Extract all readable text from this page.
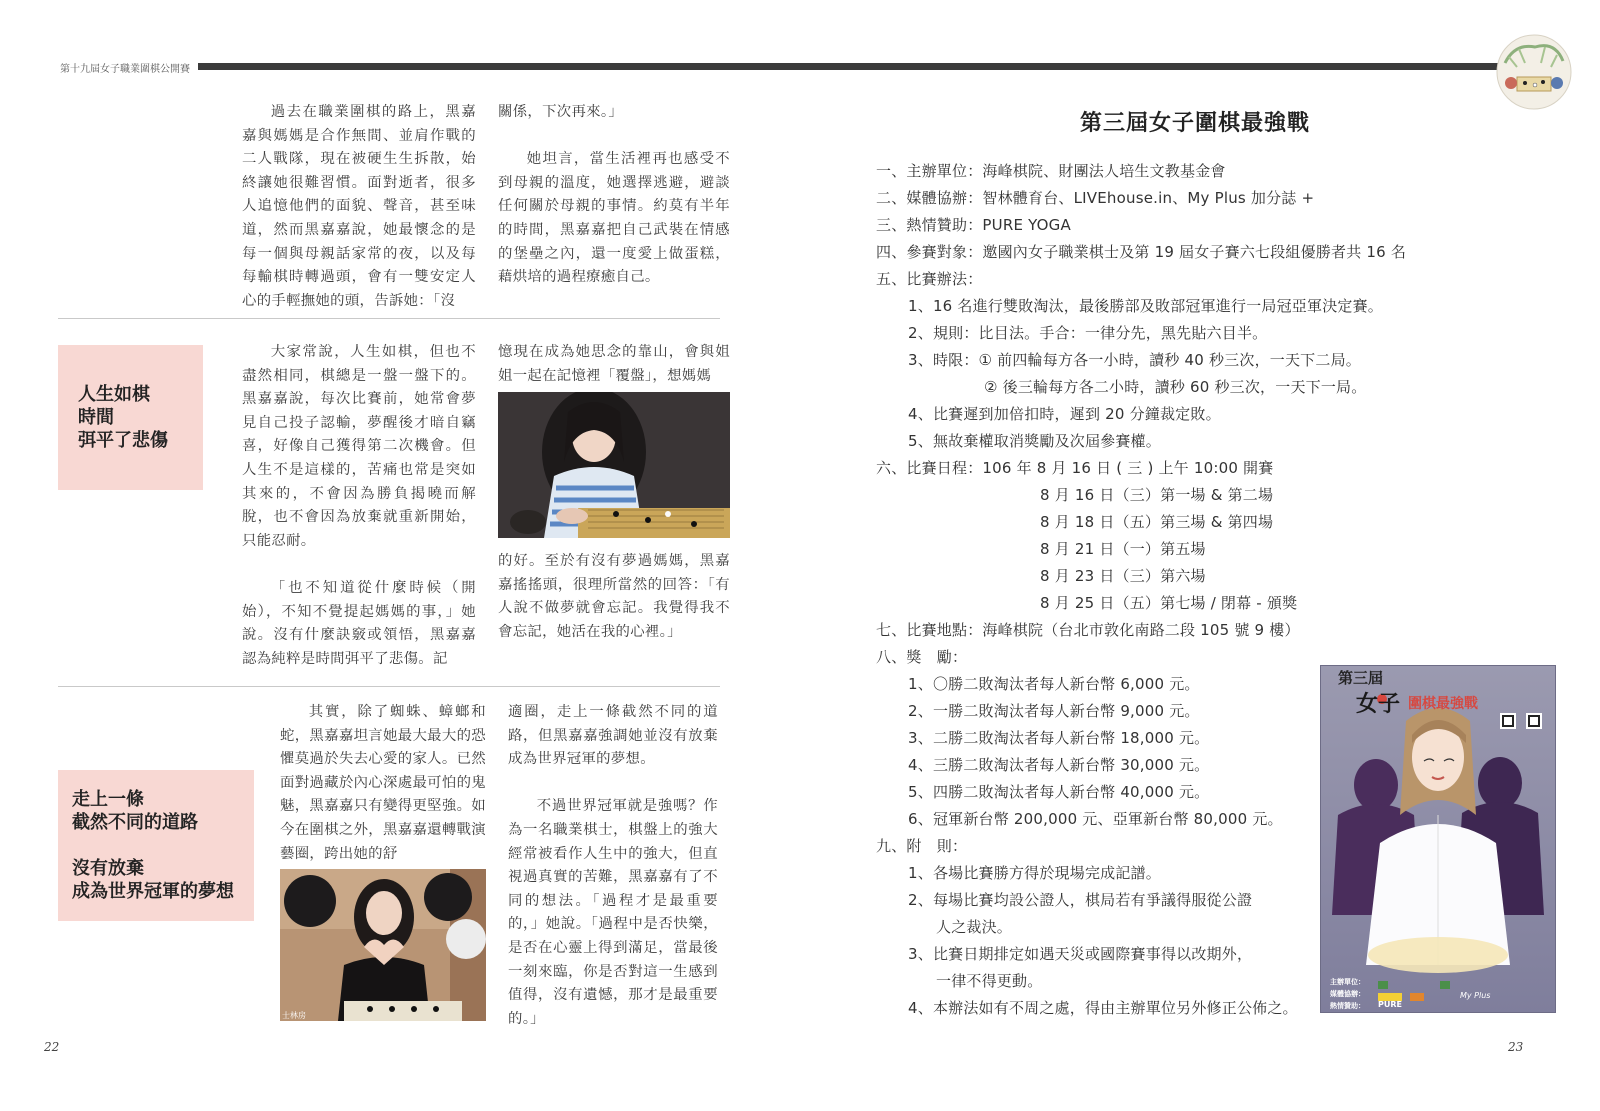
第十九屆女子職業圍棋公開賽

過去在職業圍棋的路上，黑嘉嘉與媽媽是合作無間、並肩作戰的二人戰隊，現在被硬生生拆散，始終讓她很難習慣。面對逝者，很多人追憶他們的面貌、聲音，甚至味道，然而黑嘉嘉說，她最懷念的是每一個與母親話家常的夜，以及每每輸棋時轉過頭，會有一雙安定人心的手輕撫她的頭，告訴她：「沒

關係，下次再來。」

她坦言，當生活裡再也感受不到母親的溫度，她選擇逃避，避談任何關於母親的事情。約莫有半年的時間，黑嘉嘉把自己武裝在情感的堡壘之內，還一度愛上做蛋糕，藉烘培的過程療癒自己。

人生如棋
時間
弭平了悲傷

大家常說，人生如棋，但也不盡然相同，棋總是一盤一盤下的。黑嘉嘉說，每次比賽前，她常會夢見自己投子認輸，夢醒後才暗自竊喜，好像自己獲得第二次機會。但人生不是這樣的，苦痛也常是突如其來的，不會因為勝負揭曉而解脫，也不會因為放棄就重新開始，只能忍耐。

「也不知道從什麼時候（開始），不知不覺提起媽媽的事，」她說。沒有什麼訣竅或領悟，黑嘉嘉認為純粹是時間弭平了悲傷。記

憶現在成為她思念的靠山，會與姐姐一起在記憶裡「覆盤」，想媽媽

的好。至於有沒有夢過媽媽，黑嘉嘉搖搖頭，很理所當然的回答：「有人說不做夢就會忘記。我覺得我不會忘記，她活在我的心裡。」

走上一條
截然不同的道路

沒有放棄
成為世界冠軍的夢想

其實，除了蜘蛛、蟑螂和蛇，黑嘉嘉坦言她最大最大的恐懼莫過於失去心愛的家人。已然面對過藏於內心深處最可怕的鬼魅，黑嘉嘉只有變得更堅強。如今在圍棋之外，黑嘉嘉還轉戰演藝圈，跨出她的舒

士林房

適圈，走上一條截然不同的道路，但黑嘉嘉強調她並沒有放棄成為世界冠軍的夢想。

不過世界冠軍就是強嗎？作為一名職業棋士，棋盤上的強大經常被看作人生中的強大，但直視過真實的苦難，黑嘉嘉有了不同的想法。「過程才是最重要的，」她說。「過程中是否快樂，是否在心靈上得到滿足，當最後一刻來臨，你是否對這一生感到值得，沒有遺憾，那才是最重要的。」

22
第三屆女子圍棋最強戰
一、主辦單位：海峰棋院、財團法人培生文教基金會
二、媒體協辦：智林體育台、LIVEhouse.in、My Plus 加分誌 +
三、熱情贊助：PURE YOGA
四、參賽對象：邀國內女子職業棋士及第 19 屆女子賽六七段組優勝者共 16 名
五、比賽辦法：
1、16 名進行雙敗淘汰，最後勝部及敗部冠軍進行一局冠亞軍決定賽。
2、規則：比目法。手合：一律分先，黑先貼六目半。
3、時限：① 前四輪每方各一小時，讀秒 40 秒三次，一天下二局。
② 後三輪每方各二小時，讀秒 60 秒三次，一天下一局。
4、比賽遲到加倍扣時，遲到 20 分鐘裁定敗。
5、無故棄權取消獎勵及次屆參賽權。
六、比賽日程：106 年 8 月 16 日 ( 三 ) 上午 10:00 開賽
8 月 16 日（三）第一場 & 第二場
8 月 18 日（五）第三場 & 第四場
8 月 21 日（一）第五場
8 月 23 日（三）第六場
8 月 25 日（五）第七場 / 閉幕 - 頒獎
七、比賽地點：海峰棋院（台北市敦化南路二段 105 號 9 樓）
八、獎　勵：
1、〇勝二敗淘汰者每人新台幣 6,000 元。
2、一勝二敗淘汰者每人新台幣 9,000 元。
3、二勝二敗淘汰者每人新台幣 18,000 元。
4、三勝二敗淘汰者每人新台幣 30,000 元。
5、四勝二敗淘汰者每人新台幣 40,000 元。
6、冠軍新台幣 200,000 元、亞軍新台幣 80,000 元。
九、附　則：
1、各場比賽勝方得於現場完成記譜。
2、每場比賽均設公證人，棋局若有爭議得服從公證
人之裁決。
3、比賽日期排定如遇天災或國際賽事得以改期外，
一律不得更動。
4、本辦法如有不周之處，得由主辦單位另外修正公佈之。
第三屆
女子 圍棋最強戰
主辦單位：
媒體協辦：
熱情贊助： PURE
My Plus
23
